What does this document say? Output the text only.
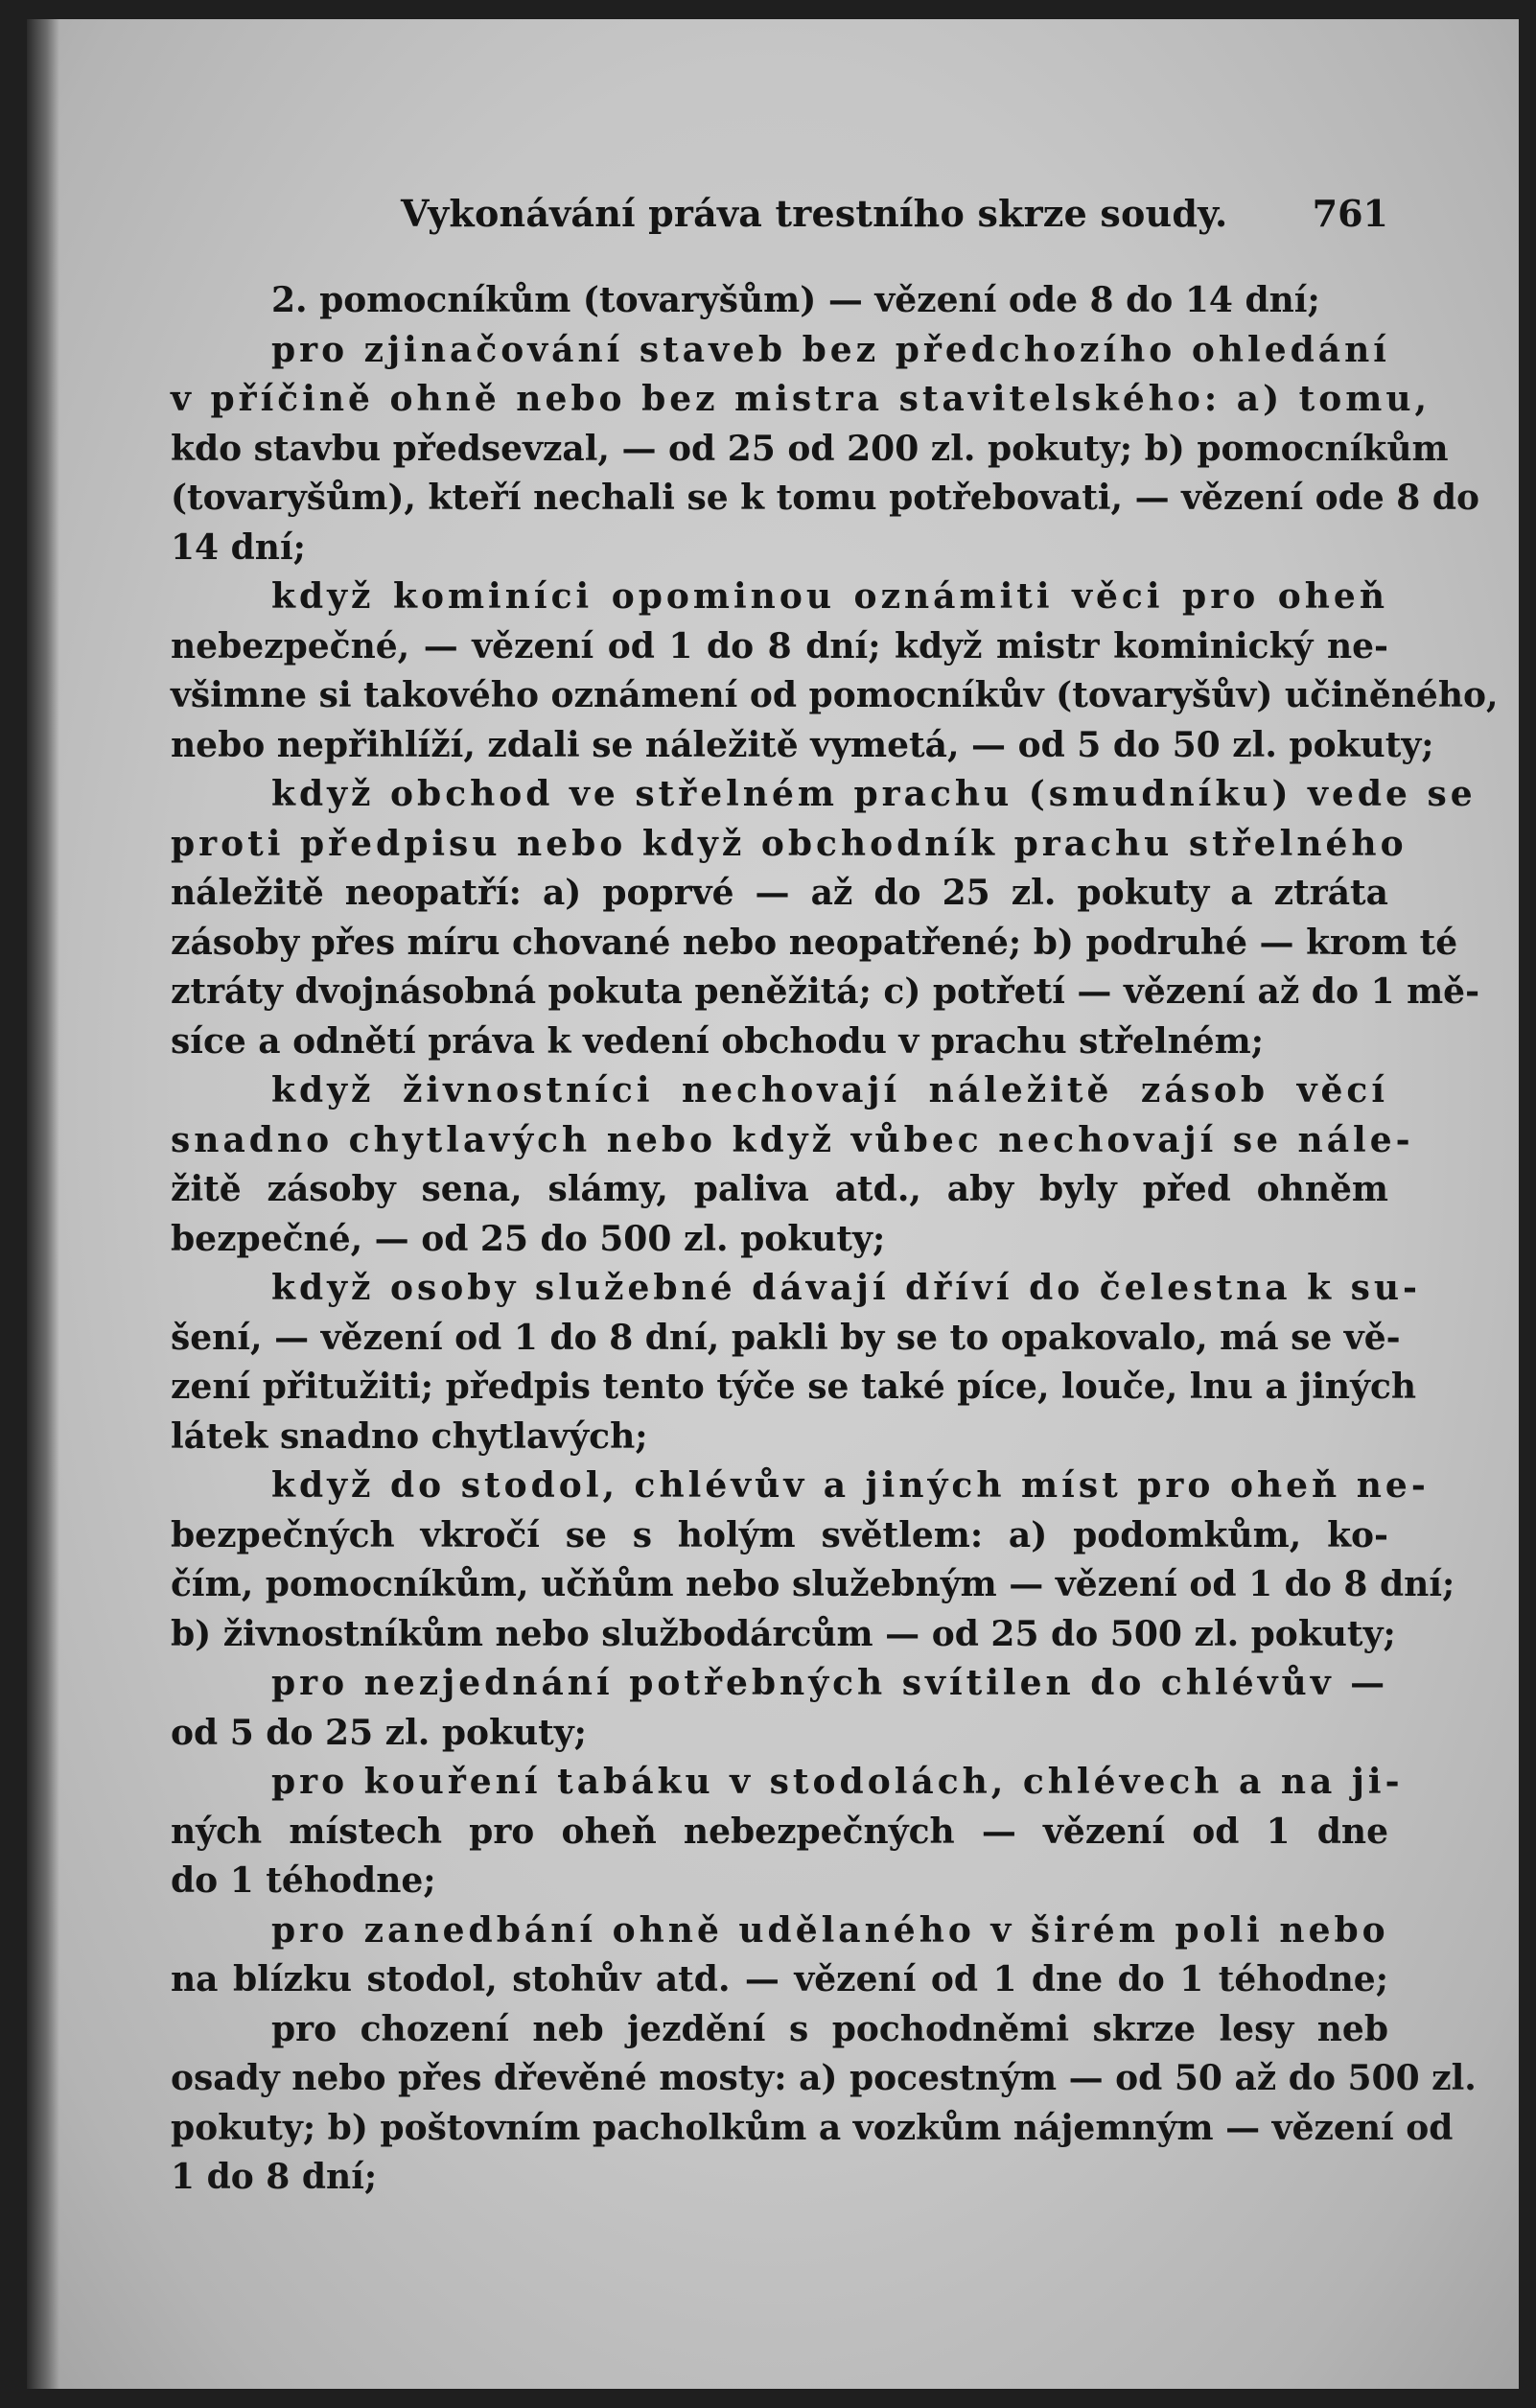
Vykonávání práva trestního skrze soudy. 761
2. pomocníkům (tovaryšům) — vězení ode 8 do 14 dní;
pro zjinačování staveb bez předchozího ohledání
v příčině ohně nebo bez mistra stavitelského: a) tomu,
kdo stavbu předsevzal, — od 25 od 200 zl. pokuty; b) pomocníkům
(tovaryšům), kteří nechali se k tomu potřebovati, — vězení ode 8 do
14 dní;
když kominíci opominou oznámiti věci pro oheň
nebezpečné, — vězení od 1 do 8 dní; když mistr kominický ne-
všimne si takového oznámení od pomocníkův (tovaryšův) učiněného,
nebo nepřihlíží, zdali se náležitě vymetá, — od 5 do 50 zl. pokuty;
když obchod ve střelném prachu (smudníku) vede se
proti předpisu nebo když obchodník prachu střelného
náležitě neopatří: a) poprvé — až do 25 zl. pokuty a ztráta
zásoby přes míru chované nebo neopatřené; b) podruhé — krom té
ztráty dvojnásobná pokuta peněžitá; c) potřetí — vězení až do 1 mě-
síce a odnětí práva k vedení obchodu v prachu střelném;
když živnostníci nechovají náležitě zásob věcí
snadno chytlavých nebo když vůbec nechovají se nále-
žitě zásoby sena, slámy, paliva atd., aby byly před ohněm
bezpečné, — od 25 do 500 zl. pokuty;
když osoby služebné dávají dříví do čelestna k su-
šení, — vězení od 1 do 8 dní, pakli by se to opakovalo, má se vě-
zení přitužiti; předpis tento týče se také píce, louče, lnu a jiných
látek snadno chytlavých;
když do stodol, chlévův a jiných míst pro oheň ne-
bezpečných vkročí se s holým světlem: a) podomkům, ko-
čím, pomocníkům, učňům nebo služebným — vězení od 1 do 8 dní;
b) živnostníkům nebo službodárcům — od 25 do 500 zl. pokuty;
pro nezjednání potřebných svítilen do chlévův —
od 5 do 25 zl. pokuty;
pro kouření tabáku v stodolách, chlévech a na ji-
ných místech pro oheň nebezpečných — vězení od 1 dne
do 1 téhodne;
pro zanedbání ohně udělaného v širém poli nebo
na blízku stodol, stohův atd. — vězení od 1 dne do 1 téhodne;
pro chození neb jezdění s pochodněmi skrze lesy neb
osady nebo přes dřevěné mosty: a) pocestným — od 50 až do 500 zl.
pokuty; b) poštovním pacholkům a vozkům nájemným — vězení od
1 do 8 dní;
